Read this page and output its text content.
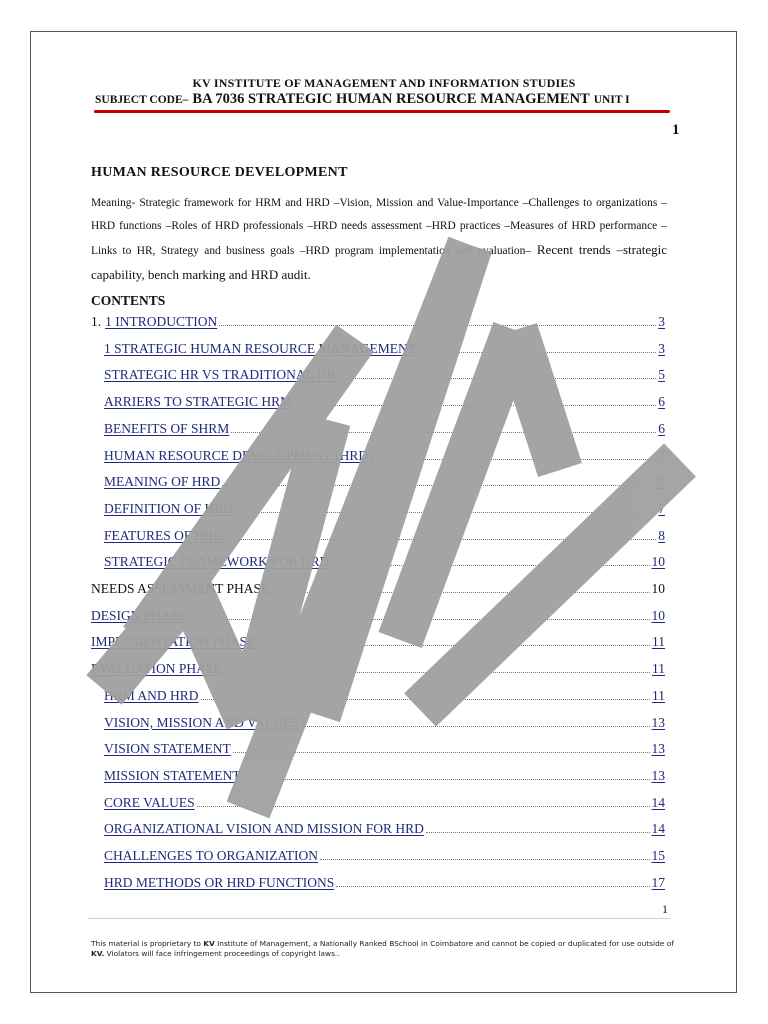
KV INSTITUTE OF MANAGEMENT AND INFORMATION STUDIES
SUBJECT CODE– BA 7036 STRATEGIC HUMAN RESOURCE MANAGEMENT UNIT I
1
HUMAN RESOURCE DEVELOPMENT
Meaning- Strategic framework for HRM and HRD –Vision, Mission and Value-Importance –Challenges to organizations –HRD functions –Roles of HRD professionals –HRD needs assessment –HRD practices –Measures of HRD performance – Links to HR, Strategy and business goals –HRD program implementation and evaluation– Recent trends –strategic capability, bench marking and HRD audit.
CONTENTS
1. 1 INTRODUCTION	3
1 STRATEGIC HUMAN RESOURCE MANAGEMENT	3
STRATEGIC HR VS TRADITIONAL HR	5
ARRIERS TO STRATEGIC HRM	6
BENEFITS OF SHRM	6
HUMAN RESOURCE DEVELOPMENT (HRD)	7
MEANING OF HRD	7
DEFINITION OF HRD	7
FEATURES OF HRD	8
STRATEGIC FRAMEWORK FOR HRD	10
NEEDS ASSESSMENT PHASE	10
DESIGN PHASE	10
IMPLEMENTATION PHASE	11
EVALUATION PHASE	11
HRM AND HRD	11
VISION, MISSION AND VALUES	13
VISION STATEMENT	13
MISSION STATEMENT	13
CORE VALUES	14
ORGANIZATIONAL VISION AND MISSION FOR HRD	14
CHALLENGES TO ORGANIZATION	15
HRD METHODS OR HRD FUNCTIONS	17
1
This material is proprietary to KV Institute of Management, a Nationally Ranked BSchool in Coimbatore and cannot be copied or duplicated for use outside of KV. Violators will face infringement proceedings of copyright laws..
